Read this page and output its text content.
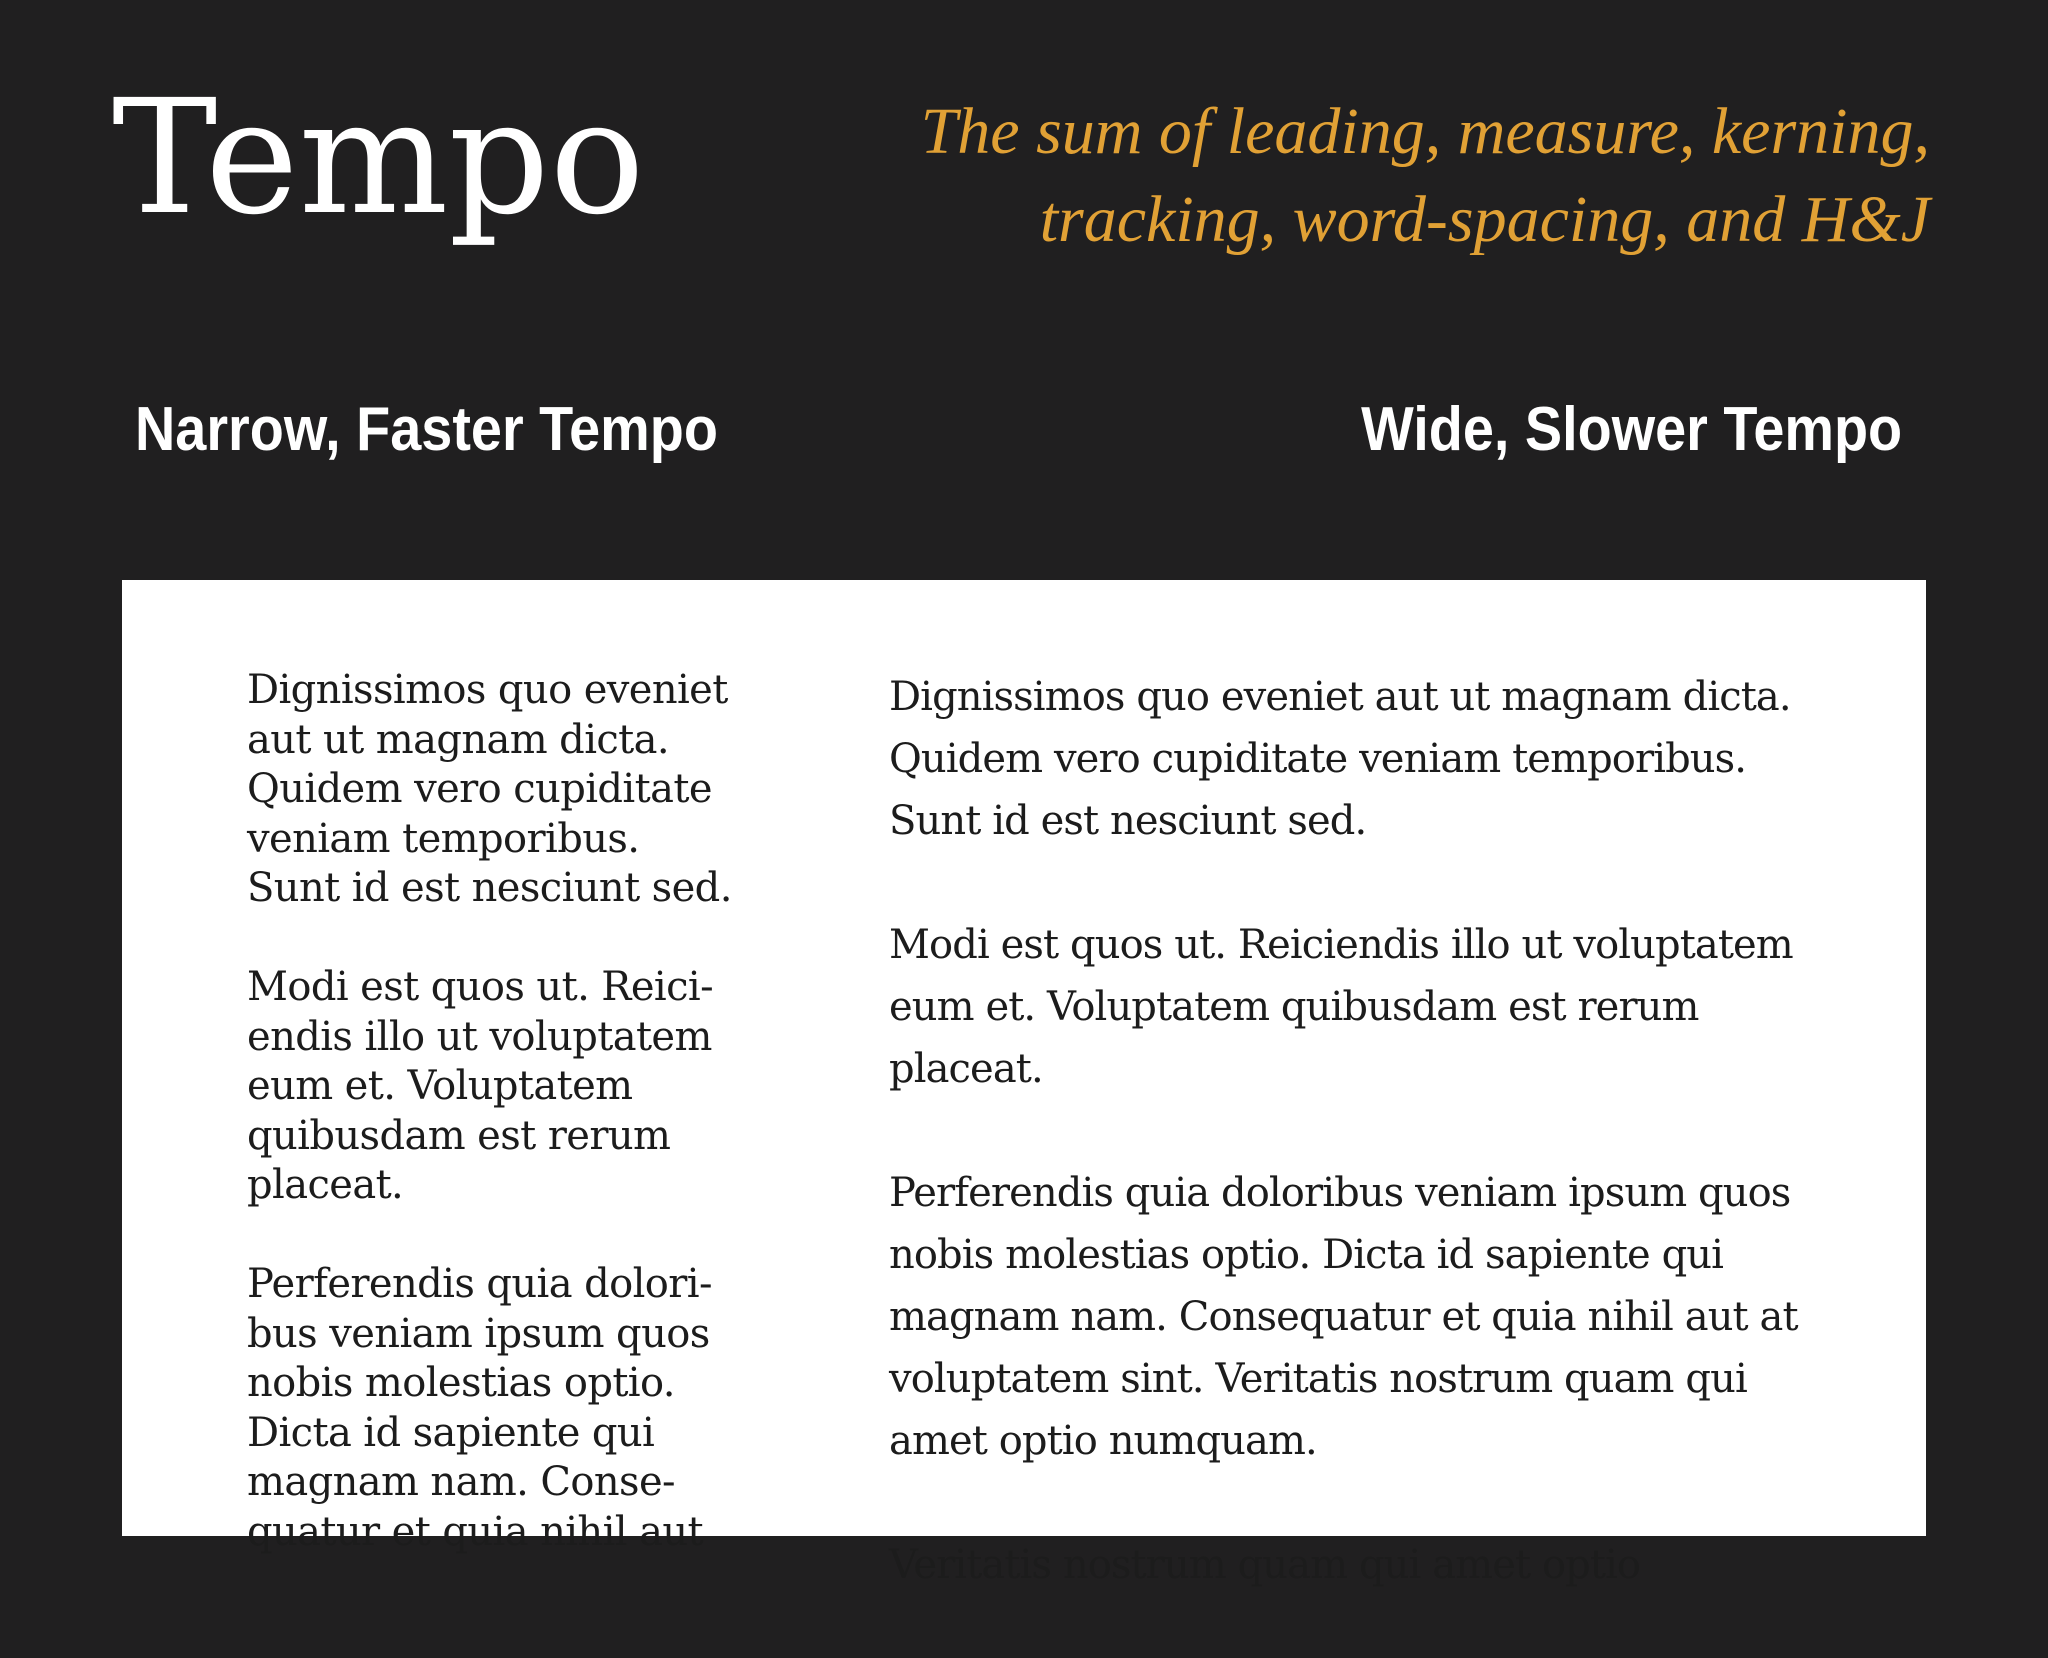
Tempo	The sum of leading, measure, kerning,
tracking, word-spacing, and H&J

Narrow, Faster Tempo	Wide, Slower Tempo

Dignissimos quo eveniet
aut ut magnam dicta.
Quidem vero cupiditate
veniam temporibus.
Sunt id est nesciunt sed.

Modi est quos ut. Reici-
endis illo ut voluptatem
eum et. Voluptatem
quibusdam est rerum
placeat.

Perferendis quia dolori-
bus veniam ipsum quos
nobis molestias optio.
Dicta id sapiente qui
magnam nam. Conse-
quatur et quia nihil aut

Dignissimos quo eveniet aut ut magnam dicta.
Quidem vero cupiditate veniam temporibus.
Sunt id est nesciunt sed.

Modi est quos ut. Reiciendis illo ut voluptatem
eum et. Voluptatem quibusdam est rerum
placeat.

Perferendis quia doloribus veniam ipsum quos
nobis molestias optio. Dicta id sapiente qui
magnam nam. Consequatur et quia nihil aut at
voluptatem sint. Veritatis nostrum quam qui
amet optio numquam.

Veritatis nostrum quam qui amet optio
